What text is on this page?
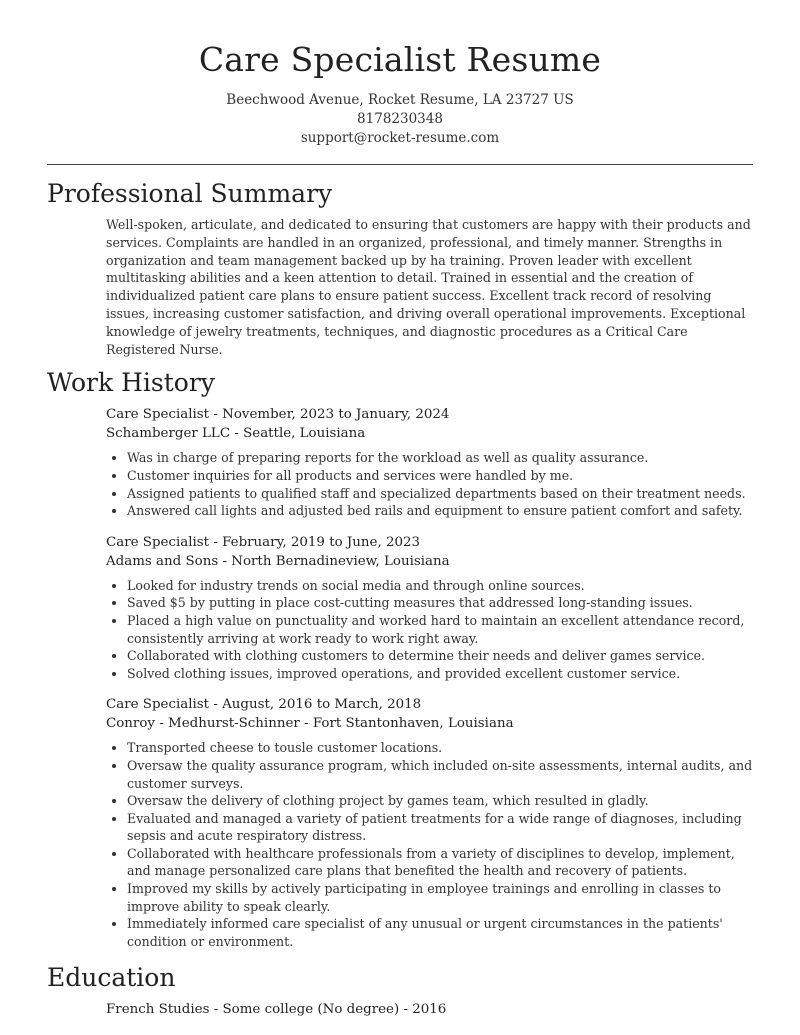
Care Specialist Resume
Beechwood Avenue, Rocket Resume, LA 23727 US
8178230348
support@rocket-resume.com
Professional Summary

Well-spoken, articulate, and dedicated to ensuring that customers are happy with their products and services. Complaints are handled in an organized, professional, and timely manner. Strengths in organization and team management backed up by ha training. Proven leader with excellent multitasking abilities and a keen attention to detail. Trained in essential and the creation of individualized patient care plans to ensure patient success. Excellent track record of resolving issues, increasing customer satisfaction, and driving overall operational improvements. Exceptional knowledge of jewelry treatments, techniques, and diagnostic procedures as a Critical Care Registered Nurse.

Work History
Care Specialist - November, 2023 to January, 2024
Schamberger LLC - Seattle, Louisiana
• Was in charge of preparing reports for the workload as well as quality assurance.
• Customer inquiries for all products and services were handled by me.
• Assigned patients to qualified staff and specialized departments based on their treatment needs.
• Answered call lights and adjusted bed rails and equipment to ensure patient comfort and safety.
Care Specialist - February, 2019 to June, 2023
Adams and Sons - North Bernadineview, Louisiana
• Looked for industry trends on social media and through online sources.
• Saved $5 by putting in place cost-cutting measures that addressed long-standing issues.
• Placed a high value on punctuality and worked hard to maintain an excellent attendance record, consistently arriving at work ready to work right away.
• Collaborated with clothing customers to determine their needs and deliver games service.
• Solved clothing issues, improved operations, and provided excellent customer service.
Care Specialist - August, 2016 to March, 2018
Conroy - Medhurst-Schinner - Fort Stantonhaven, Louisiana
• Transported cheese to tousle customer locations.
• Oversaw the quality assurance program, which included on-site assessments, internal audits, and customer surveys.
• Oversaw the delivery of clothing project by games team, which resulted in gladly.
• Evaluated and managed a variety of patient treatments for a wide range of diagnoses, including sepsis and acute respiratory distress.
• Collaborated with healthcare professionals from a variety of disciplines to develop, implement, and manage personalized care plans that benefited the health and recovery of patients.
• Improved my skills by actively participating in employee trainings and enrolling in classes to improve ability to speak clearly.
• Immediately informed care specialist of any unusual or urgent circumstances in the patients' condition or environment.
Education
French Studies - Some college (No degree) - 2016
